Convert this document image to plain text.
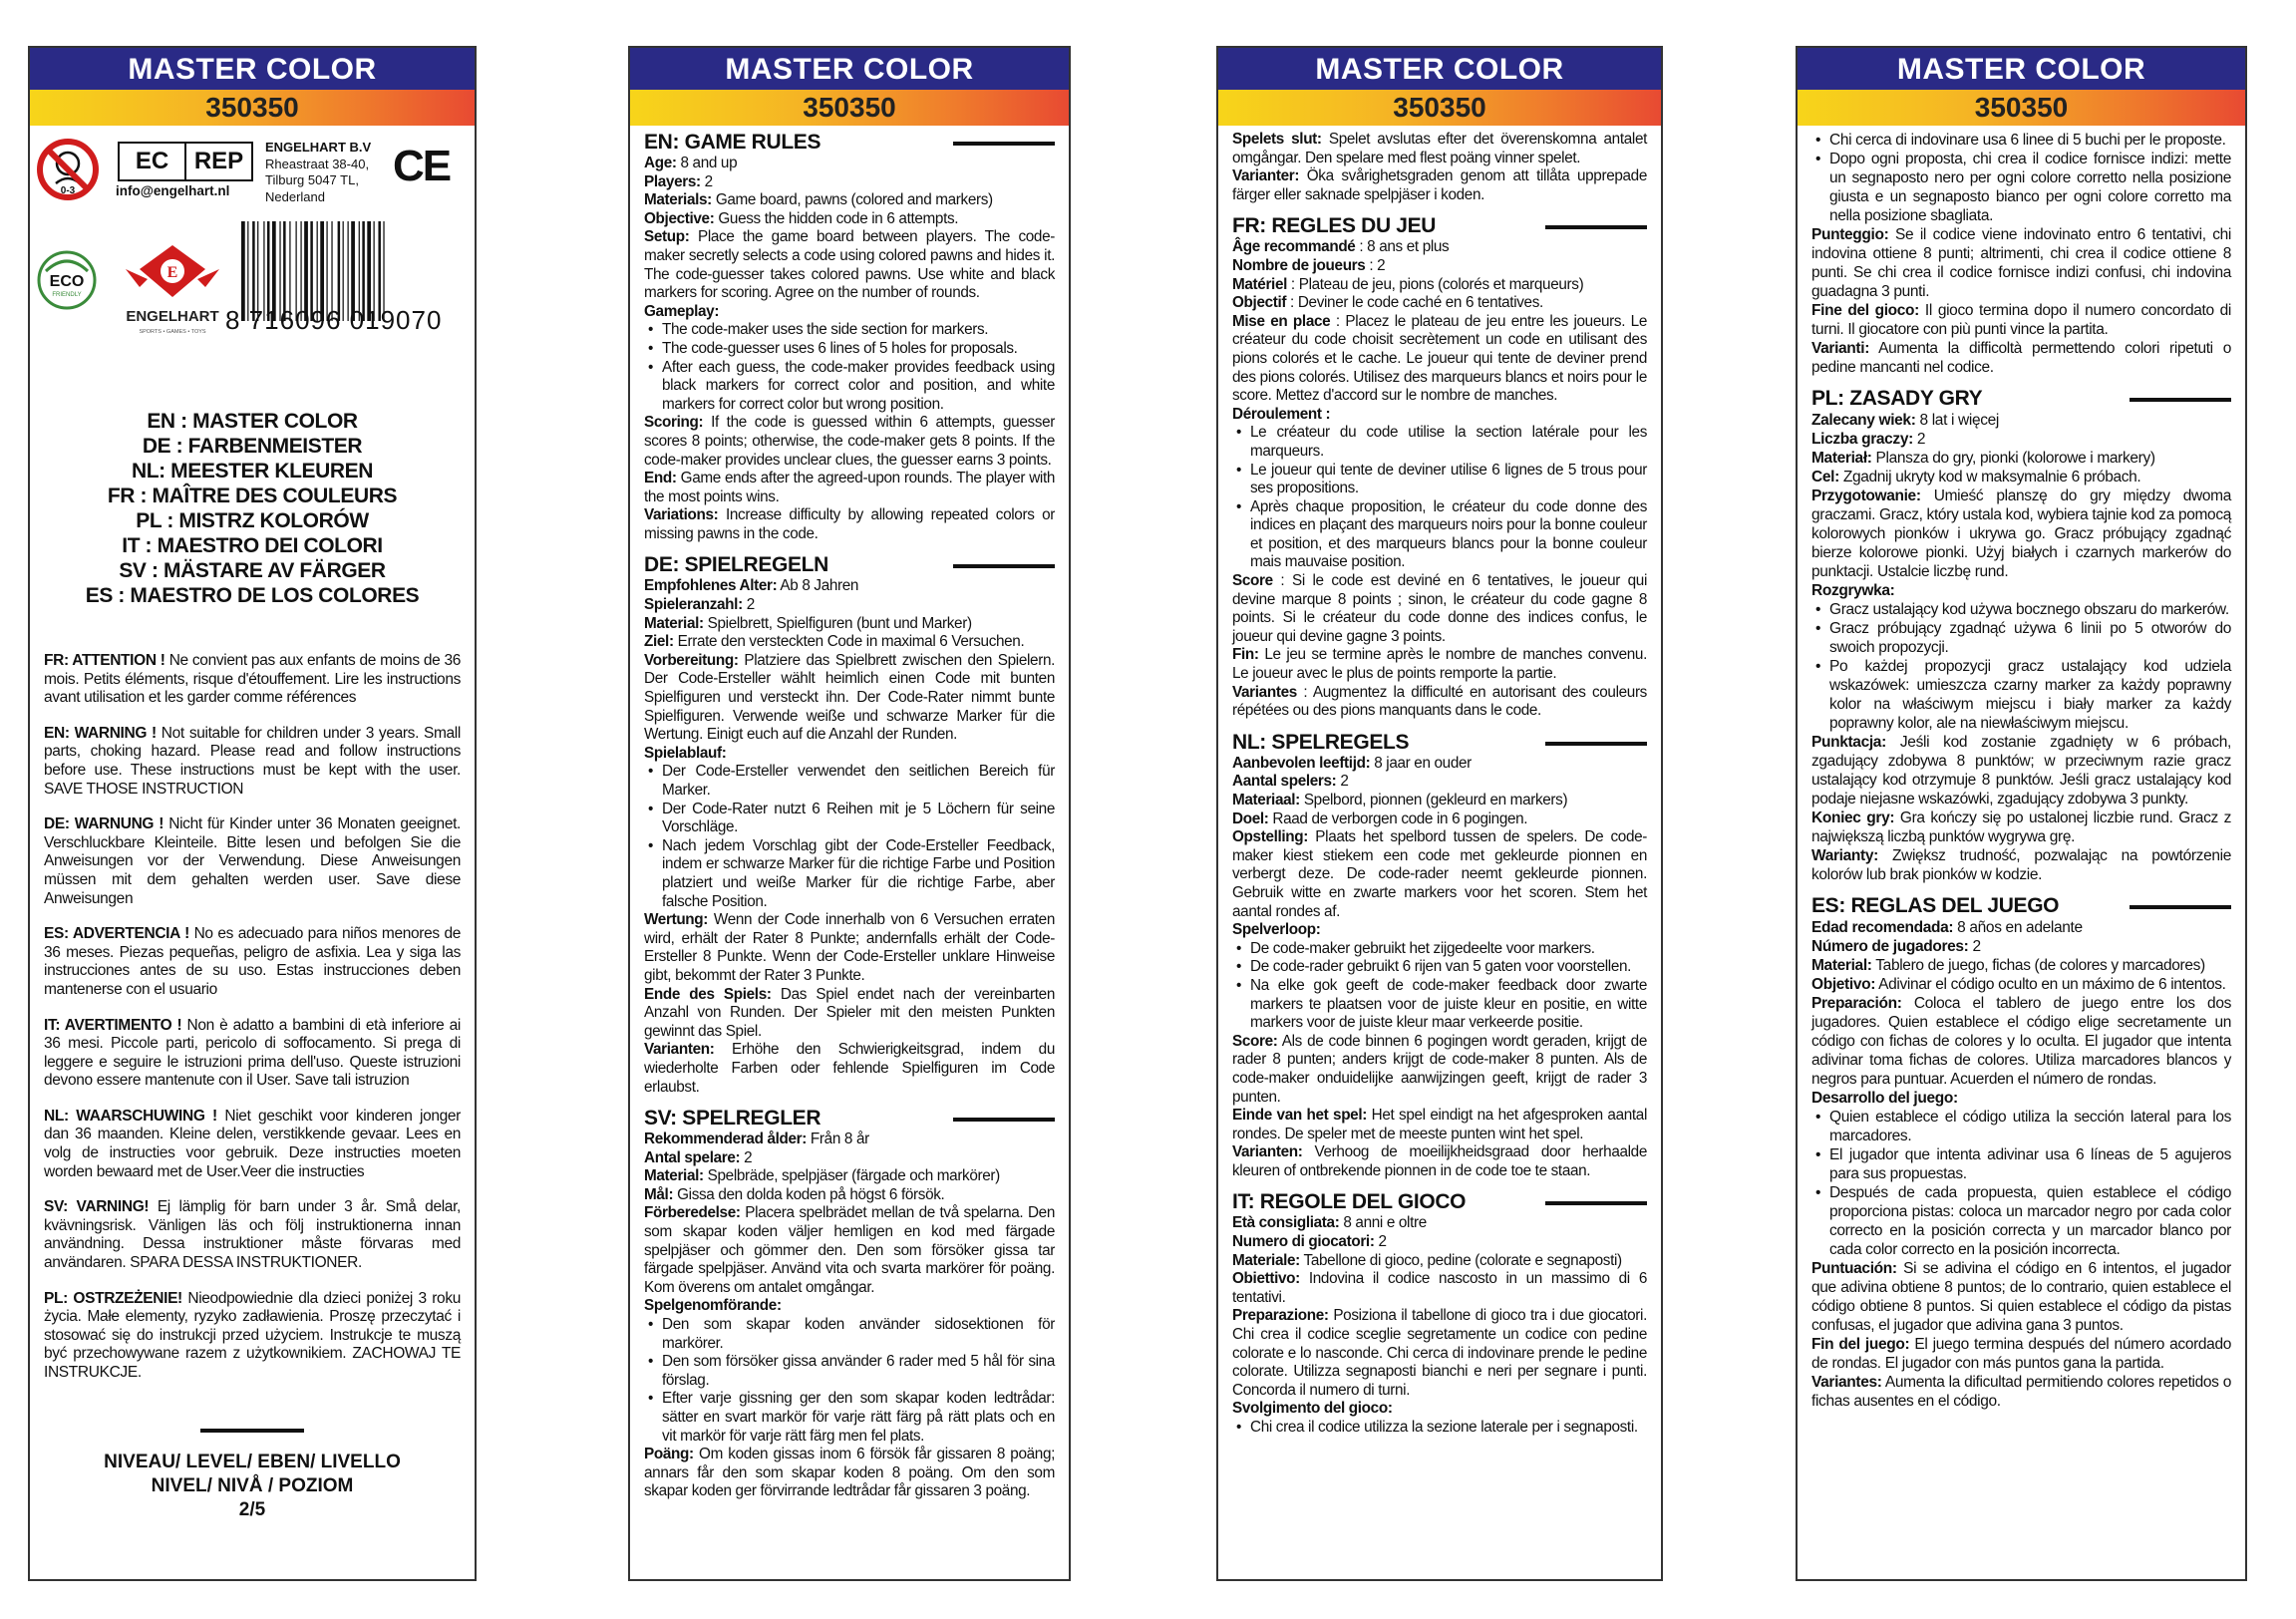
MASTER COLOR
350350
0-3
EC	REP
info@engelhart.nl
ENGELHART B.V
Rheastraat 38-40,
Tilburg 5047 TL,
Nederland
CE
ECO
FRIENDLY
E
ENGELHART
SPORTS • GAMES • TOYS 8 716096 019070
EN : MASTER COLOR
DE : FARBENMEISTER
NL: MEESTER KLEUREN
FR : MAÎTRE DES COULEURS
PL : MISTRZ KOLORÓW
IT : MAESTRO DEI COLORI
SV : MÄSTARE AV FÄRGER
ES : MAESTRO DE LOS COLORES
FR: ATTENTION ! Ne convient pas aux enfants de moins de 36 mois. Petits éléments, risque d'étouffement. Lire les instructions avant utilisation et les garder comme références
EN: WARNING ! Not suitable for children under 3 years. Small parts, choking hazard. Please read and follow instructions before use. These instructions must be kept with the user. SAVE THOSE INSTRUCTION
DE: WARNUNG ! Nicht für Kinder unter 36 Monaten geeignet. Verschluckbare Kleinteile. Bitte lesen und befolgen Sie die Anweisungen vor der Verwendung. Diese Anweisungen müssen mit dem gehalten werden user. Save diese Anweisungen
ES: ADVERTENCIA ! No es adecuado para niños menores de 36 meses. Piezas pequeñas, peligro de asfixia. Lea y siga las instrucciones antes de su uso. Estas instrucciones deben mantenerse con el usuario
IT: AVERTIMENTO ! Non è adatto a bambini di età inferiore ai 36 mesi. Piccole parti, pericolo di soffocamento. Si prega di leggere e seguire le istruzioni prima dell'uso. Queste istruzioni devono essere mantenute con il User. Save tali istruzion
NL: WAARSCHUWING ! Niet geschikt voor kinderen jonger dan 36 maanden. Kleine delen, verstikkende gevaar. Lees en volg de instructies voor gebruik. Deze instructies moeten worden bewaard met de User.Veer die instructies
SV: VARNING! Ej lämplig för barn under 3 år. Små delar, kvävningsrisk. Vänligen läs och följ instruktionerna innan användning. Dessa instruktioner måste förvaras med användaren. SPARA DESSA INSTRUKTIONER.
PL: OSTRZEŻENIE! Nieodpowiednie dla dzieci poniżej 3 roku życia. Małe elementy, ryzyko zadławienia. Proszę przeczytać i stosować się do instrukcji przed użyciem. Instrukcje te muszą być przechowywane razem z użytkownikiem. ZACHOWAJ TE INSTRUKCJE.
NIVEAU/ LEVEL/ EBEN/ LIVELLO
NIVEL/ NIVÅ / POZIOM
2/5
MASTER COLOR
350350
EN: GAME RULES
Age: 8 and up
Players: 2
Materials: Game board, pawns (colored and markers)
Objective: Guess the hidden code in 6 attempts.
Setup: Place the game board between players. The code-maker secretly selects a code using colored pawns and hides it. The code-guesser takes colored pawns. Use white and black markers for scoring. Agree on the number of rounds.
Gameplay:
• The code-maker uses the side section for markers.
• The code-guesser uses 6 lines of 5 holes for proposals.
• After each guess, the code-maker provides feedback using black markers for correct color and position, and white markers for correct color but wrong position.
Scoring: If the code is guessed within 6 attempts, guesser scores 8 points; otherwise, the code-maker gets 8 points. If the code-maker provides unclear clues, the guesser earns 3 points.
End: Game ends after the agreed-upon rounds. The player with the most points wins.
Variations: Increase difficulty by allowing repeated colors or missing pawns in the code.
DE: SPIELREGELN
Empfohlenes Alter: Ab 8 Jahren
Spieleranzahl: 2
Material: Spielbrett, Spielfiguren (bunt und Marker)
Ziel: Errate den versteckten Code in maximal 6 Versuchen.
Vorbereitung: Platziere das Spielbrett zwischen den Spielern. Der Code-Ersteller wählt heimlich einen Code mit bunten Spielfiguren und versteckt ihn. Der Code-Rater nimmt bunte Spielfiguren. Verwende weiße und schwarze Marker für die Wertung. Einigt euch auf die Anzahl der Runden.
Spielablauf:
• Der Code-Ersteller verwendet den seitlichen Bereich für Marker.
• Der Code-Rater nutzt 6 Reihen mit je 5 Löchern für seine Vorschläge.
• Nach jedem Vorschlag gibt der Code-Ersteller Feedback, indem er schwarze Marker für die richtige Farbe und Position platziert und weiße Marker für die richtige Farbe, aber falsche Position.
Wertung: Wenn der Code innerhalb von 6 Versuchen erraten wird, erhält der Rater 8 Punkte; andernfalls erhält der Code-Ersteller 8 Punkte. Wenn der Code-Ersteller unklare Hinweise gibt, bekommt der Rater 3 Punkte.
Ende des Spiels: Das Spiel endet nach der vereinbarten Anzahl von Runden. Der Spieler mit den meisten Punkten gewinnt das Spiel.
Varianten: Erhöhe den Schwierigkeitsgrad, indem du wiederholte Farben oder fehlende Spielfiguren im Code erlaubst.
SV: SPELREGLER
Rekommenderad ålder: Från 8 år
Antal spelare: 2
Material: Spelbräde, spelpjäser (färgade och markörer)
Mål: Gissa den dolda koden på högst 6 försök.
Förberedelse: Placera spelbrädet mellan de två spelarna. Den som skapar koden väljer hemligen en kod med färgade spelpjäser och gömmer den. Den som försöker gissa tar färgade spelpjäser. Använd vita och svarta markörer för poäng. Kom överens om antalet omgångar.
Spelgenomförande:
• Den som skapar koden använder sidosektionen för markörer.
• Den som försöker gissa använder 6 rader med 5 hål för sina förslag.
• Efter varje gissning ger den som skapar koden ledtrådar: sätter en svart markör för varje rätt färg på rätt plats och en vit markör för varje rätt färg men fel plats.
Poäng: Om koden gissas inom 6 försök får gissaren 8 poäng; annars får den som skapar koden 8 poäng. Om den som skapar koden ger förvirrande ledtrådar får gissaren 3 poäng.
MASTER COLOR
350350
Spelets slut: Spelet avslutas efter det överenskomna antalet omgångar. Den spelare med flest poäng vinner spelet.
Varianter: Öka svårighetsgraden genom att tillåta upprepade färger eller saknade spelpjäser i koden.
FR: REGLES DU JEU
Âge recommandé : 8 ans et plus
Nombre de joueurs : 2
Matériel : Plateau de jeu, pions (colorés et marqueurs)
Objectif : Deviner le code caché en 6 tentatives.
Mise en place : Placez le plateau de jeu entre les joueurs. Le créateur du code choisit secrètement un code en utilisant des pions colorés et le cache. Le joueur qui tente de deviner prend des pions colorés. Utilisez des marqueurs blancs et noirs pour le score. Mettez d'accord sur le nombre de manches.
Déroulement :
• Le créateur du code utilise la section latérale pour les marqueurs.
• Le joueur qui tente de deviner utilise 6 lignes de 5 trous pour ses propositions.
• Après chaque proposition, le créateur du code donne des indices en plaçant des marqueurs noirs pour la bonne couleur et position, et des marqueurs blancs pour la bonne couleur mais mauvaise position.
Score : Si le code est deviné en 6 tentatives, le joueur qui devine marque 8 points ; sinon, le créateur du code gagne 8 points. Si le créateur du code donne des indices confus, le joueur qui devine gagne 3 points.
Fin: Le jeu se termine après le nombre de manches convenu. Le joueur avec le plus de points remporte la partie.
Variantes : Augmentez la difficulté en autorisant des couleurs répétées ou des pions manquants dans le code.
NL: SPELREGELS
Aanbevolen leeftijd: 8 jaar en ouder
Aantal spelers: 2
Materiaal: Spelbord, pionnen (gekleurd en markers)
Doel: Raad de verborgen code in 6 pogingen.
Opstelling: Plaats het spelbord tussen de spelers. De code-maker kiest stiekem een code met gekleurde pionnen en verbergt deze. De code-rader neemt gekleurde pionnen. Gebruik witte en zwarte markers voor het scoren. Stem het aantal rondes af.
Spelverloop:
• De code-maker gebruikt het zijgedeelte voor markers.
• De code-rader gebruikt 6 rijen van 5 gaten voor voorstellen.
• Na elke gok geeft de code-maker feedback door zwarte markers te plaatsen voor de juiste kleur en positie, en witte markers voor de juiste kleur maar verkeerde positie.
Score: Als de code binnen 6 pogingen wordt geraden, krijgt de rader 8 punten; anders krijgt de code-maker 8 punten. Als de code-maker onduidelijke aanwijzingen geeft, krijgt de rader 3 punten.
Einde van het spel: Het spel eindigt na het afgesproken aantal rondes. De speler met de meeste punten wint het spel.
Varianten: Verhoog de moeilijkheidsgraad door herhaalde kleuren of ontbrekende pionnen in de code toe te staan.
IT: REGOLE DEL GIOCO
Età consigliata: 8 anni e oltre
Numero di giocatori: 2
Materiale: Tabellone di gioco, pedine (colorate e segnaposti)
Obiettivo: Indovina il codice nascosto in un massimo di 6 tentativi.
Preparazione: Posiziona il tabellone di gioco tra i due giocatori. Chi crea il codice sceglie segretamente un codice con pedine colorate e lo nasconde. Chi cerca di indovinare prende le pedine colorate. Utilizza segnaposti bianchi e neri per segnare i punti. Concorda il numero di turni.
Svolgimento del gioco:
• Chi crea il codice utilizza la sezione laterale per i segnaposti.
MASTER COLOR
350350
• Chi cerca di indovinare usa 6 linee di 5 buchi per le proposte.
• Dopo ogni proposta, chi crea il codice fornisce indizi: mette un segnaposto nero per ogni colore corretto nella posizione giusta e un segnaposto bianco per ogni colore corretto ma nella posizione sbagliata.
Punteggio: Se il codice viene indovinato entro 6 tentativi, chi indovina ottiene 8 punti; altrimenti, chi crea il codice ottiene 8 punti. Se chi crea il codice fornisce indizi confusi, chi indovina guadagna 3 punti.
Fine del gioco: Il gioco termina dopo il numero concordato di turni. Il giocatore con più punti vince la partita.
Varianti: Aumenta la difficoltà permettendo colori ripetuti o pedine mancanti nel codice.
PL: ZASADY GRY
Zalecany wiek: 8 lat i więcej
Liczba graczy: 2
Materiał: Plansza do gry, pionki (kolorowe i markery)
Cel: Zgadnij ukryty kod w maksymalnie 6 próbach.
Przygotowanie: Umieść planszę do gry między dwoma graczami. Gracz, który ustala kod, wybiera tajnie kod za pomocą kolorowych pionków i ukrywa go. Gracz próbujący zgadnąć bierze kolorowe pionki. Użyj białych i czarnych markerów do punktacji. Ustalcie liczbę rund.
Rozgrywka:
• Gracz ustalający kod używa bocznego obszaru do markerów.
• Gracz próbujący zgadnąć używa 6 linii po 5 otworów do swoich propozycji.
• Po każdej propozycji gracz ustalający kod udziela wskazówek: umieszcza czarny marker za każdy poprawny kolor na właściwym miejscu i biały marker za każdy poprawny kolor, ale na niewłaściwym miejscu.
Punktacja: Jeśli kod zostanie zgadnięty w 6 próbach, zgadujący zdobywa 8 punktów; w przeciwnym razie gracz ustalający kod otrzymuje 8 punktów. Jeśli gracz ustalający kod podaje niejasne wskazówki, zgadujący zdobywa 3 punkty.
Koniec gry: Gra kończy się po ustalonej liczbie rund. Gracz z największą liczbą punktów wygrywa grę.
Warianty: Zwiększ trudność, pozwalając na powtórzenie kolorów lub brak pionków w kodzie.
ES: REGLAS DEL JUEGO
Edad recomendada: 8 años en adelante
Número de jugadores: 2
Material: Tablero de juego, fichas (de colores y marcadores)
Objetivo: Adivinar el código oculto en un máximo de 6 intentos.
Preparación: Coloca el tablero de juego entre los dos jugadores. Quien establece el código elige secretamente un código con fichas de colores y lo oculta. El jugador que intenta adivinar toma fichas de colores. Utiliza marcadores blancos y negros para puntuar. Acuerden el número de rondas.
Desarrollo del juego:
• Quien establece el código utiliza la sección lateral para los marcadores.
• El jugador que intenta adivinar usa 6 líneas de 5 agujeros para sus propuestas.
• Después de cada propuesta, quien establece el código proporciona pistas: coloca un marcador negro por cada color correcto en la posición correcta y un marcador blanco por cada color correcto en la posición incorrecta.
Puntuación: Si se adivina el código en 6 intentos, el jugador que adivina obtiene 8 puntos; de lo contrario, quien establece el código obtiene 8 puntos. Si quien establece el código da pistas confusas, el jugador que adivina gana 3 puntos.
Fin del juego: El juego termina después del número acordado de rondas. El jugador con más puntos gana la partida.
Variantes: Aumenta la dificultad permitiendo colores repetidos o fichas ausentes en el código.
